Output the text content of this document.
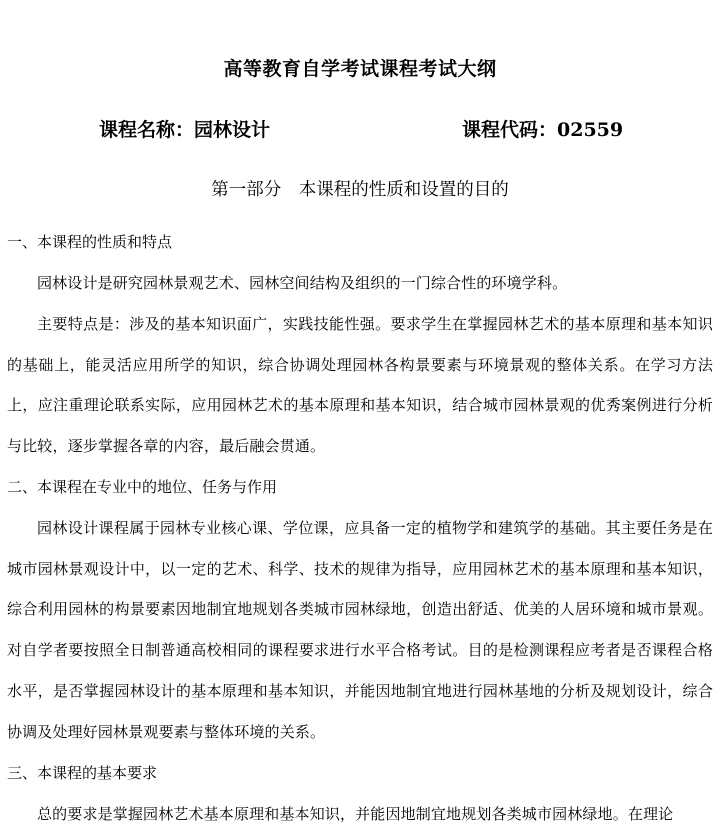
高等教育自学考试课程考试大纲
课程名称：园林设计	课程代码：02559
第一部分　本课程的性质和设置的目的
一、本课程的性质和特点

园林设计是研究园林景观艺术、园林空间结构及组织的一门综合性的环境学科。

主要特点是：涉及的基本知识面广，实践技能性强。要求学生在掌握园林艺术的基本原理和基本知识的基础上，能灵活应用所学的知识，综合协调处理园林各构景要素与环境景观的整体关系。在学习方法上，应注重理论联系实际，应用园林艺术的基本原理和基本知识，结合城市园林景观的优秀案例进行分析与比较，逐步掌握各章的内容，最后融会贯通。

二、本课程在专业中的地位、任务与作用

园林设计课程属于园林专业核心课、学位课，应具备一定的植物学和建筑学的基础。其主要任务是在城市园林景观设计中，以一定的艺术、科学、技术的规律为指导，应用园林艺术的基本原理和基本知识，综合利用园林的构景要素因地制宜地规划各类城市园林绿地，创造出舒适、优美的人居环境和城市景观。对自学者要按照全日制普通高校相同的课程要求进行水平合格考试。目的是检测课程应考者是否课程合格水平，是否掌握园林设计的基本原理和基本知识，并能因地制宜地进行园林基地的分析及规划设计，综合协调及处理好园林景观要素与整体环境的关系。

三、本课程的基本要求

总的要求是掌握园林艺术基本原理和基本知识，并能因地制宜地规划各类城市园林绿地。在理论
